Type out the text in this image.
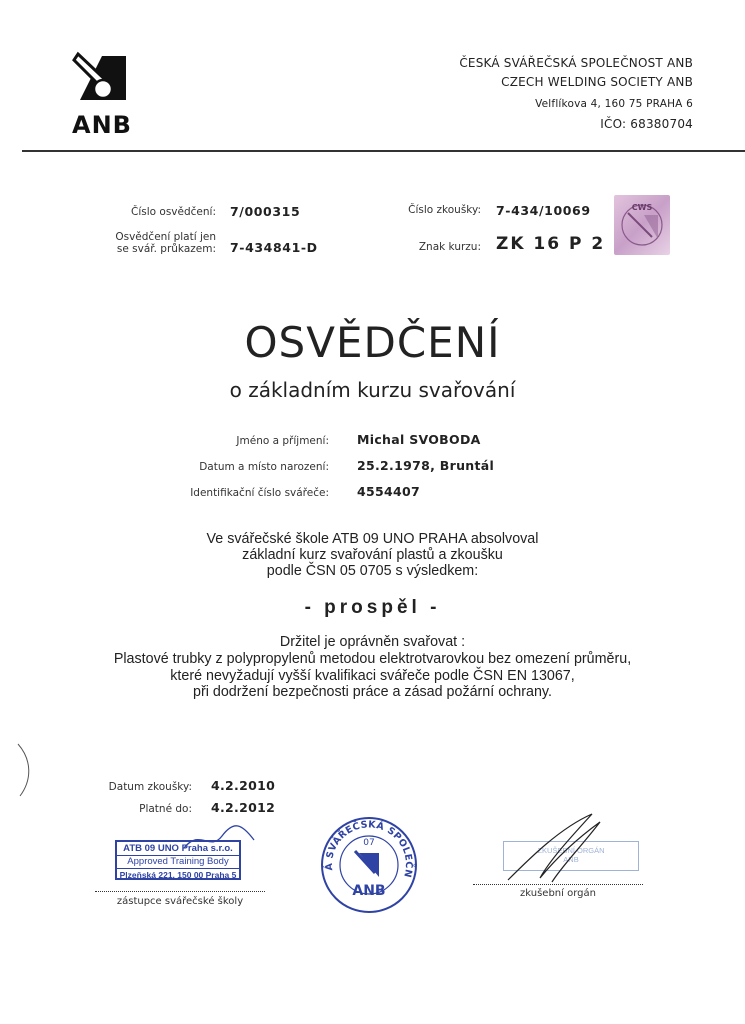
ANB
ČESKÁ SVÁŘEČSKÁ SPOLEČNOST ANB
CZECH WELDING SOCIETY ANB
Velflíkova 4, 160 75 PRAHA 6
IČO: 68380704
Číslo osvědčení: 7/000315
Osvědčení platí jen
se svář. průkazem: 7-434841-D
Číslo zkoušky: 7-434/10069
Znak kurzu: ZK 16 P 2
CWS
OSVĚDČENÍ
o základním kurzu svařování
Jméno a příjmení: Michal SVOBODA
Datum a místo narození: 25.2.1978, Bruntál
Identifikační číslo svářeče: 4554407
Ve svářečské škole ATB 09 UNO PRAHA absolvoval
základní kurz svařování plastů a zkoušku
podle ČSN 05 0705 s výsledkem:
- prospěl -
Držitel je oprávněn svařovat :
Plastové trubky z polypropylenů metodou elektrotvarovkou bez omezení průměru,
které nevyžadují vyšší kvalifikaci svářeče podle ČSN EN 13067,
při dodržení bezpečnosti práce a zásad požární ochrany.
Datum zkoušky: 4.2.2010
Platné do: 4.2.2012
ATB 09 UNO Praha s.r.o.
Approved Training Body
Plzeňská 221, 150 00 Praha 5
zástupce svářečské školy
Á SVÁŘEČSKÁ SPOLEČN
07
ANB
ZKUŠEBNÍ ORGÁN
ANB
zkušební orgán
